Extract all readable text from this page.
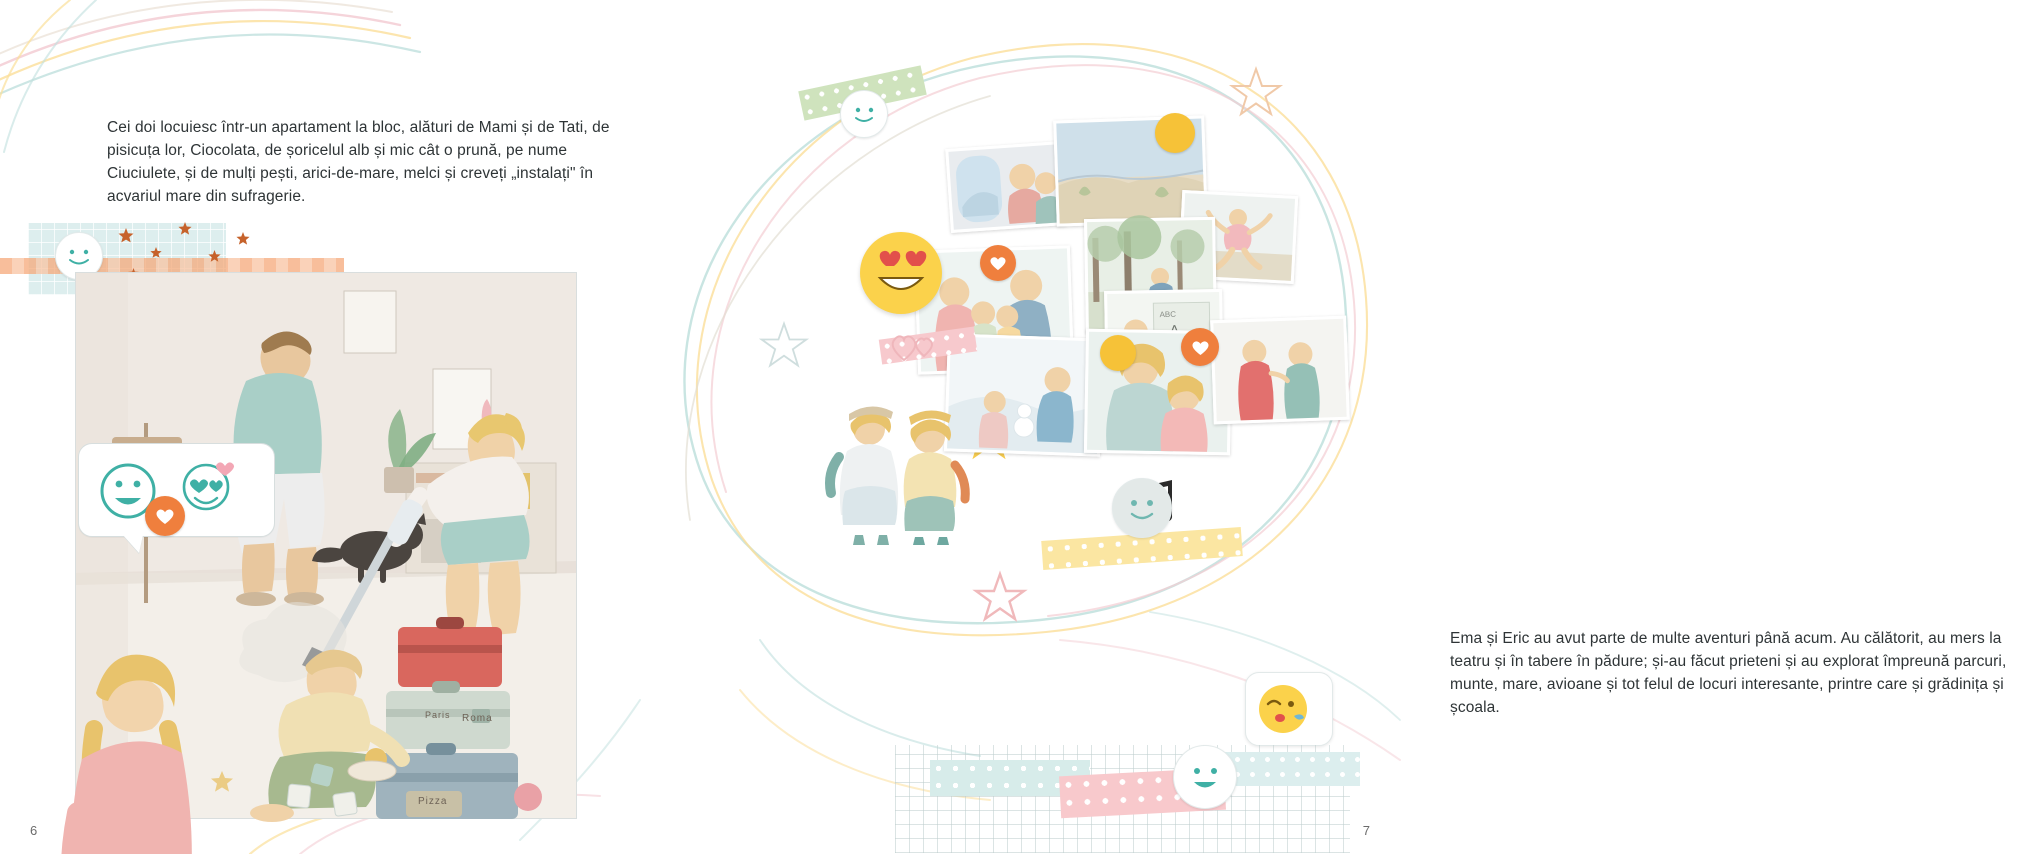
Cei doi locuiesc într-un apartament la bloc, alături de Mami și de Tati, de pisicuța lor, Ciocolata, de șoricelul alb și mic cât o prună, pe nume Ciuciulete, și de mulți pești, arici-de-mare, melci și creveți „instalați" în acvariul mare din sufragerie.

Paris Roma
Pizza
6
ABC

Ema și Eric au avut parte de multe aventuri până acum. Au călătorit, au mers la teatru și în tabere în pădure; și-au făcut prieteni și au explorat împreună parcuri, munte, mare, avioane și tot felul de locuri interesante, printre care și grădinița și școala.

7
